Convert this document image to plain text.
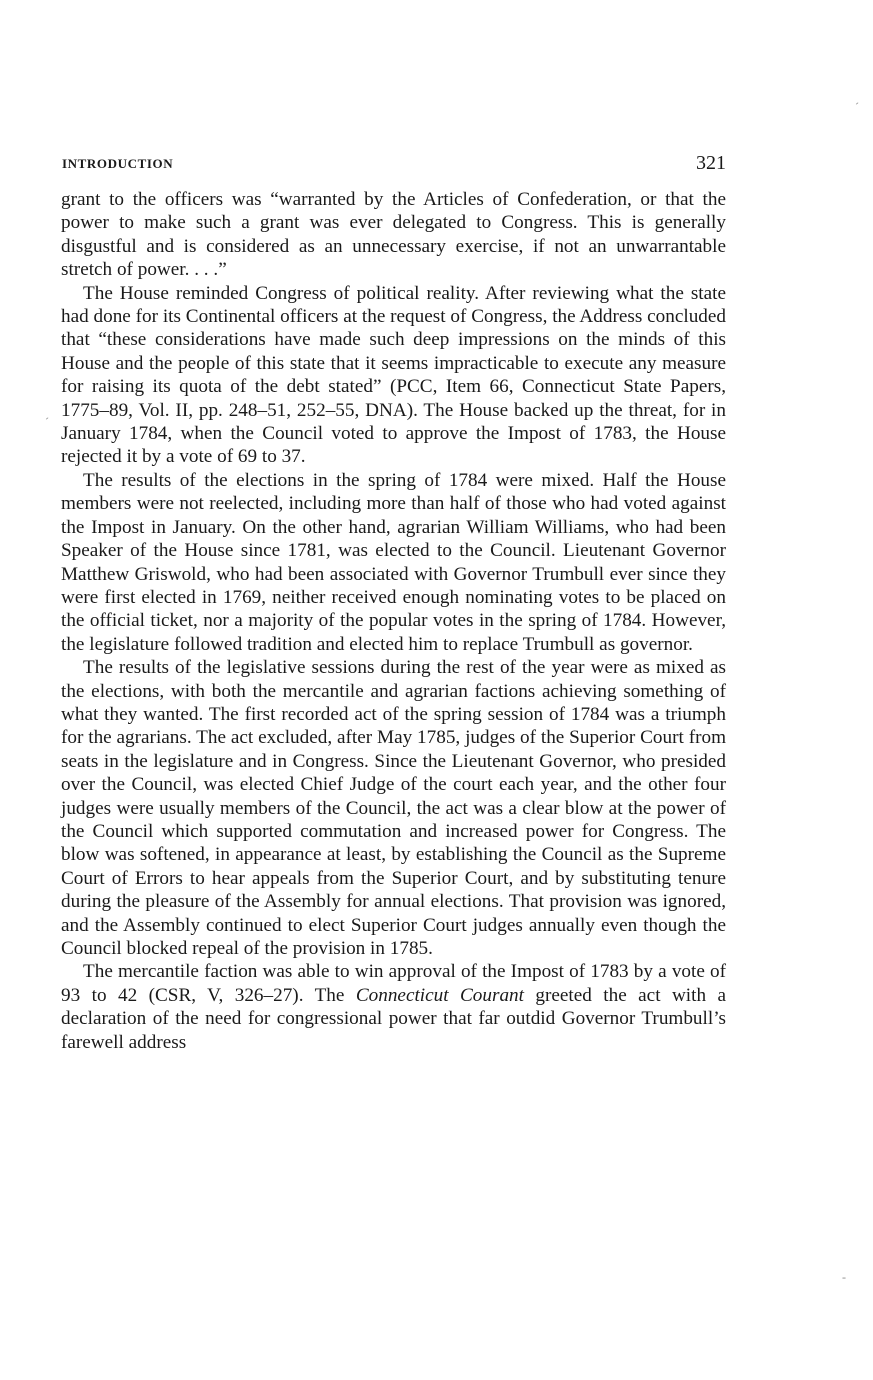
INTRODUCTION	321

grant to the officers was “warranted by the Articles of Confederation, or that the power to make such a grant was ever delegated to Congress. This is generally disgustful and is considered as an unnecessary exercise, if not an unwarrantable stretch of power. . . .”

The House reminded Congress of political reality. After reviewing what the state had done for its Continental officers at the request of Congress, the Address concluded that “these considerations have made such deep impressions on the minds of this House and the people of this state that it seems impracticable to execute any measure for raising its quota of the debt stated” (PCC, Item 66, Connecticut State Papers, 1775–89, Vol. II, pp. 248–51, 252–55, DNA). The House backed up the threat, for in January 1784, when the Council voted to approve the Impost of 1783, the House rejected it by a vote of 69 to 37.

The results of the elections in the spring of 1784 were mixed. Half the House members were not reelected, including more than half of those who had voted against the Impost in January. On the other hand, agrarian William Williams, who had been Speaker of the House since 1781, was elected to the Council. Lieutenant Governor Matthew Griswold, who had been associated with Governor Trumbull ever since they were first elected in 1769, neither received enough nominating votes to be placed on the official ticket, nor a majority of the popular votes in the spring of 1784. However, the legislature followed tradition and elected him to replace Trumbull as governor.

The results of the legislative sessions during the rest of the year were as mixed as the elections, with both the mercantile and agrarian factions achieving something of what they wanted. The first recorded act of the spring session of 1784 was a triumph for the agrarians. The act excluded, after May 1785, judges of the Superior Court from seats in the legislature and in Congress. Since the Lieutenant Governor, who presided over the Council, was elected Chief Judge of the court each year, and the other four judges were usually members of the Council, the act was a clear blow at the power of the Council which supported commutation and increased power for Congress. The blow was softened, in appearance at least, by establishing the Council as the Supreme Court of Errors to hear appeals from the Superior Court, and by substituting tenure during the pleasure of the Assembly for annual elections. That provision was ignored, and the Assembly continued to elect Superior Court judges annually even though the Council blocked repeal of the provision in 1785.

The mercantile faction was able to win approval of the Impost of 1783 by a vote of 93 to 42 (CSR, V, 326–27). The Connecticut Courant greeted the act with a declaration of the need for congressional power that far outdid Governor Trumbull’s farewell address

´
´
-
